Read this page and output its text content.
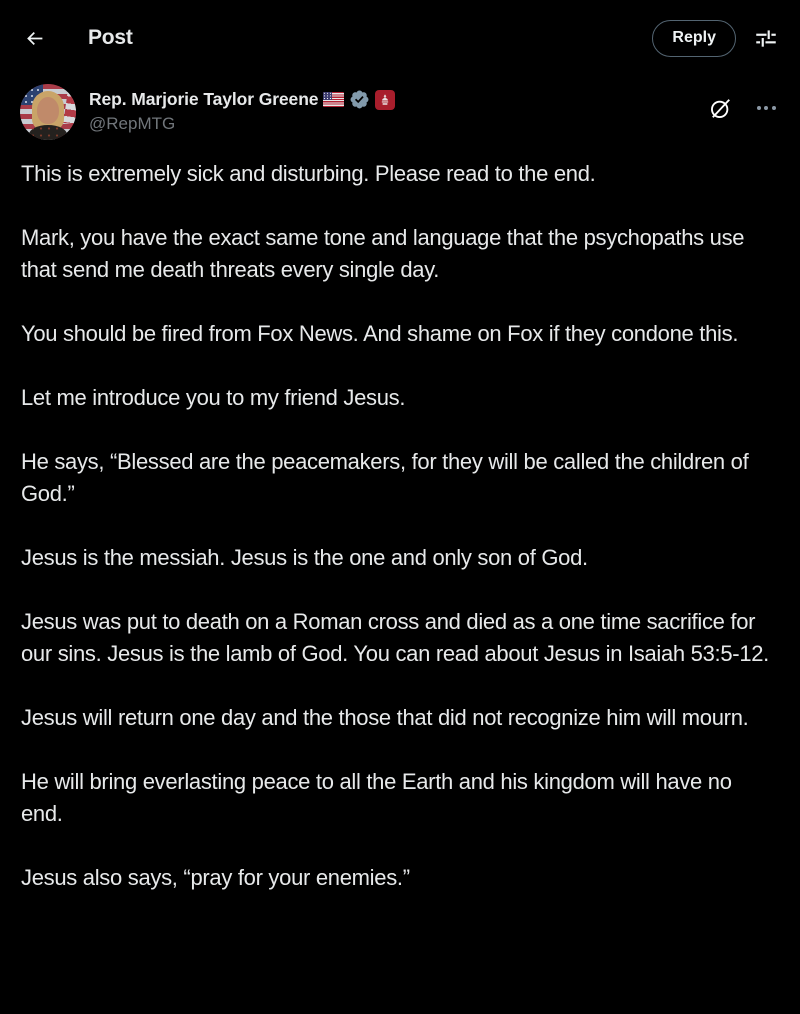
Post	Reply
Rep. Marjorie Taylor Greene
@RepMTG

This is extremely sick and disturbing. Please read to the end.

Mark, you have the exact same tone and language that the psychopaths use that send me death threats every single day.

You should be fired from Fox News. And shame on Fox if they condone this.

Let me introduce you to my friend Jesus.

He says, “Blessed are the peacemakers, for they will be called the children of God.”

Jesus is the messiah. Jesus is the one and only son of God.

Jesus was put to death on a Roman cross and died as a one time sacrifice for our sins. Jesus is the lamb of God. You can read about Jesus in Isaiah 53:5-12.

Jesus will return one day and the those that did not recognize him will mourn.

He will bring everlasting peace to all the Earth and his kingdom will have no end.

Jesus also says, “pray for your enemies.”
